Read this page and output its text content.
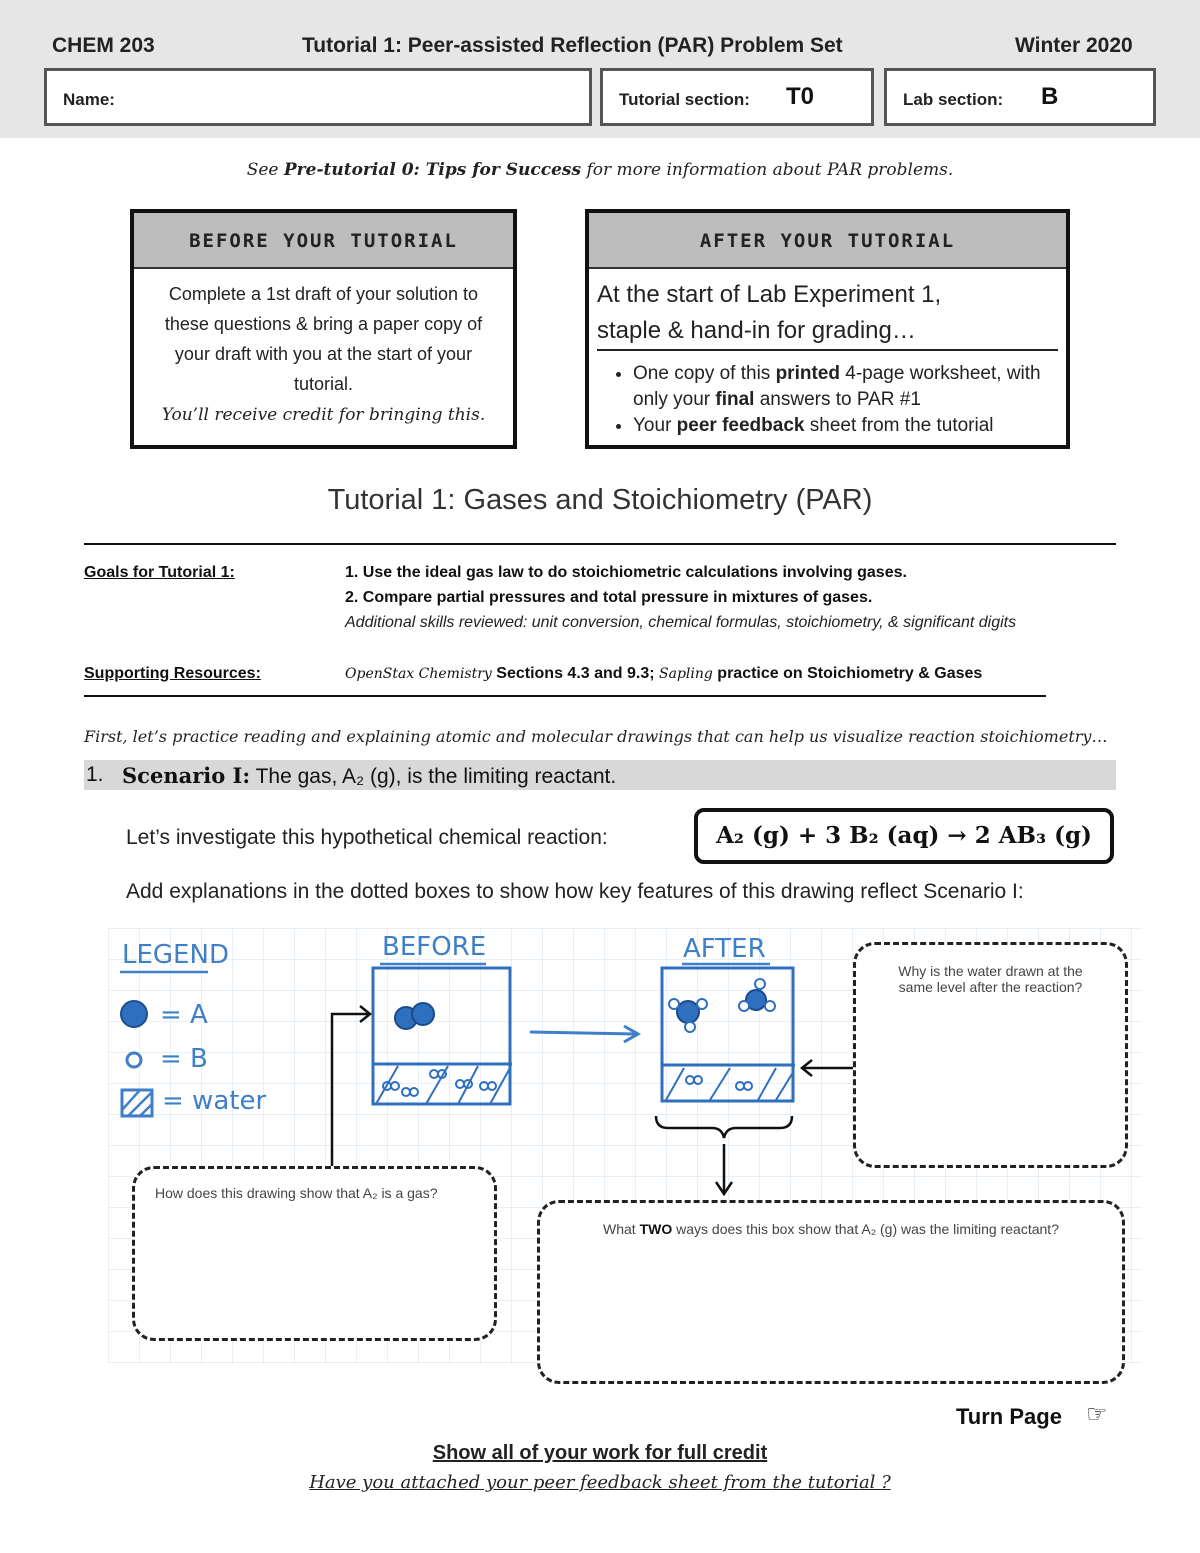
CHEM 203	Tutorial 1: Peer-assisted Reflection (PAR) Problem Set	Winter 2020
Name:	Tutorial section: T0	Lab section: B
See Pre-tutorial 0: Tips for Success for more information about PAR problems.
BEFORE YOUR TUTORIAL
Complete a 1st draft of your solution to these questions & bring a paper copy of your draft with you at the start of your tutorial.
You’ll receive credit for bringing this.
AFTER YOUR TUTORIAL
At the start of Lab Experiment 1,
staple & hand-in for grading…
• One copy of this printed 4-page worksheet, with only your final answers to PAR #1
• Your peer feedback sheet from the tutorial
Tutorial 1: Gases and Stoichiometry (PAR)
Goals for Tutorial 1:	1. Use the ideal gas law to do stoichiometric calculations involving gases.
2. Compare partial pressures and total pressure in mixtures of gases.
Additional skills reviewed: unit conversion, chemical formulas, stoichiometry, & significant digits
Supporting Resources:	OpenStax Chemistry Sections 4.3 and 9.3; Sapling practice on Stoichiometry & Gases
First, let’s practice reading and explaining atomic and molecular drawings that can help us visualize reaction stoichiometry…
1. Scenario I: The gas, A₂ (g), is the limiting reactant.
Let’s investigate this hypothetical chemical reaction:	A₂ (g) + 3 B₂ (aq) → 2 AB₃ (g)
Add explanations in the dotted boxes to show how key features of this drawing reflect Scenario I:
LEGEND
= A
= B
= water
BEFORE	AFTER
Why is the water drawn at the same level after the reaction?
How does this drawing show that A₂ is a gas?
What TWO ways does this box show that A₂ (g) was the limiting reactant?
Turn Page ☞
Show all of your work for full credit
Have you attached your peer feedback sheet from the tutorial ?
